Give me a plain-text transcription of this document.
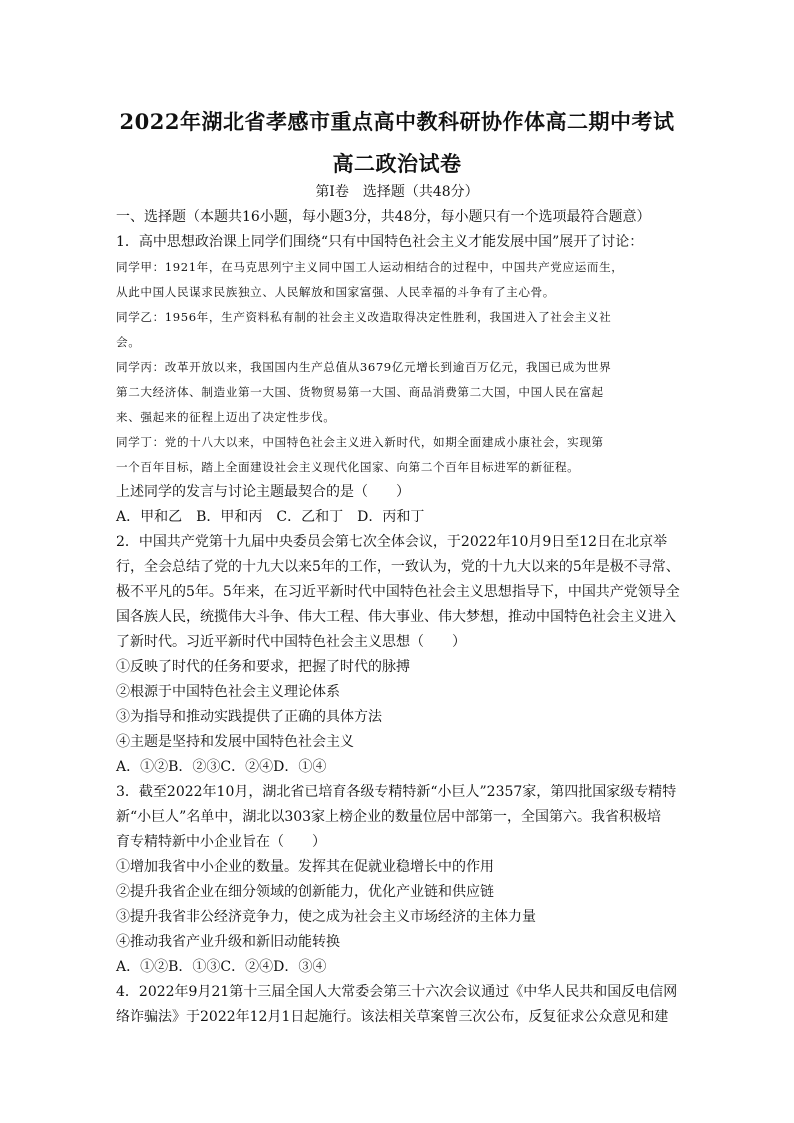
2022年湖北省孝感市重点高中教科研协作体高二期中考试
高二政治试卷
第Ⅰ卷　选择题（共48分）
一、选择题（本题共16小题，每小题3分，共48分，每小题只有一个选项最符合题意）
1．高中思想政治课上同学们围绕“只有中国特色社会主义才能发展中国”展开了讨论：
同学甲：1921年，在马克思列宁主义同中国工人运动相结合的过程中，中国共产党应运而生，
从此中国人民谋求民族独立、人民解放和国家富强、人民幸福的斗争有了主心骨。
同学乙：1956年，生产资料私有制的社会主义改造取得决定性胜利，我国进入了社会主义社
会。
同学丙：改革开放以来，我国国内生产总值从3679亿元增长到逾百万亿元，我国已成为世界
第二大经济体、制造业第一大国、货物贸易第一大国、商品消费第二大国，中国人民在富起
来、强起来的征程上迈出了决定性步伐。
同学丁：党的十八大以来，中国特色社会主义进入新时代，如期全面建成小康社会，实现第
一个百年目标，踏上全面建设社会主义现代化国家、向第二个百年目标进军的新征程。
上述同学的发言与讨论主题最契合的是（　　）
A．甲和乙　B．甲和丙　C．乙和丁　D．丙和丁
2．中国共产党第十九届中央委员会第七次全体会议，于2022年10月9日至12日在北京举
行，全会总结了党的十九大以来5年的工作，一致认为，党的十九大以来的5年是极不寻常、
极不平凡的5年。5年来，在习近平新时代中国特色社会主义思想指导下，中国共产党领导全
国各族人民，统揽伟大斗争、伟大工程、伟大事业、伟大梦想，推动中国特色社会主义进入
了新时代。习近平新时代中国特色社会主义思想（　　）
①反映了时代的任务和要求，把握了时代的脉搏
②根源于中国特色社会主义理论体系
③为指导和推动实践提供了正确的具体方法
④主题是坚持和发展中国特色社会主义
A．①②B．②③C．②④D．①④
3．截至2022年10月，湖北省已培育各级专精特新“小巨人”2357家，第四批国家级专精特
新“小巨人”名单中，湖北以303家上榜企业的数量位居中部第一，全国第六。我省积极培
育专精特新中小企业旨在（　　）
①增加我省中小企业的数量。发挥其在促就业稳增长中的作用
②提升我省企业在细分领域的创新能力，优化产业链和供应链
③提升我省非公经济竞争力，使之成为社会主义市场经济的主体力量
④推动我省产业升级和新旧动能转换
A．①②B．①③C．②④D．③④
4．2022年9月21第十三届全国人大常委会第三十六次会议通过《中华人民共和国反电信网
络诈骗法》于2022年12月1日起施行。该法相关草案曾三次公布，反复征求公众意见和建
